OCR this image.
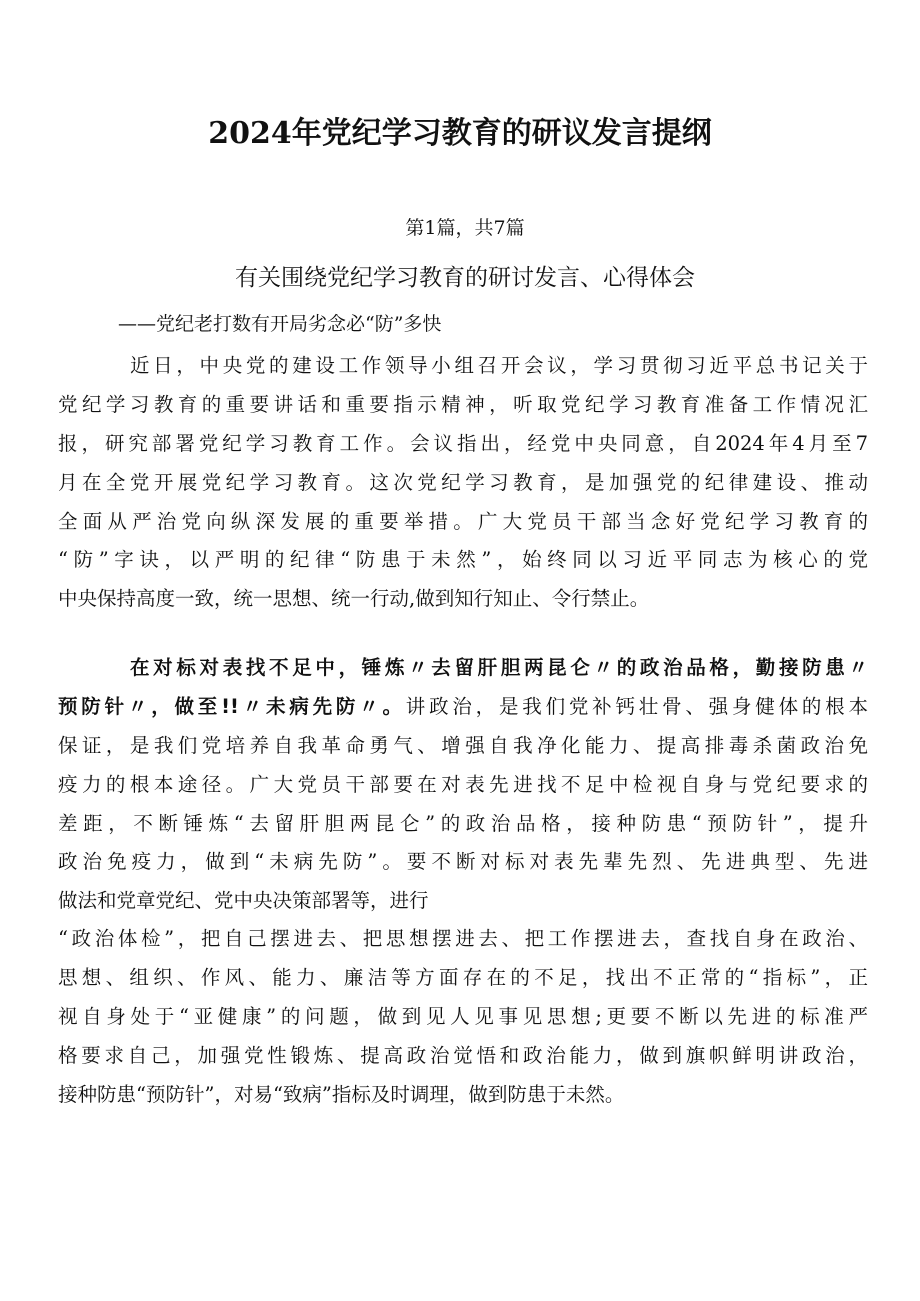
2024年党纪学习教育的研议发言提纲
第1篇，共7篇
有关围绕党纪学习教育的研讨发言、心得体会
——党纪老打数有开局劣念必“防”多快
近日，中央党的建设工作领导小组召开会议，学习贯彻习近平总书记关于
党纪学习教育的重要讲话和重要指示精神，听取党纪学习教育准备工作情况汇
报，研究部署党纪学习教育工作。会议指出，经党中央同意，自2024年4月至7
月在全党开展党纪学习教育。这次党纪学习教育，是加强党的纪律建设、推动
全面从严治党向纵深发展的重要举措。广大党员干部当念好党纪学习教育的
“防”字诀，以严明的纪律“防患于未然”，始终同以习近平同志为核心的党
中央保持高度一致，统一思想、统一行动,做到知行知止、令行禁止。
在对标对表找不足中，锤炼〃去留肝胆两昆仑〃的政治品格，勤接防患〃
预防针〃，做至!!〃未病先防〃。讲政治，是我们党补钙壮骨、强身健体的根本
保证，是我们党培养自我革命勇气、增强自我净化能力、提高排毒杀菌政治免
疫力的根本途径。广大党员干部要在对表先进找不足中检视自身与党纪要求的
差距，不断锤炼“去留肝胆两昆仑”的政治品格，接种防患“预防针”，提升
政治免疫力，做到“未病先防”。要不断对标对表先辈先烈、先进典型、先进
做法和党章党纪、党中央决策部署等，进行
“政治体检”，把自己摆进去、把思想摆进去、把工作摆进去，查找自身在政治、
思想、组织、作风、能力、廉洁等方面存在的不足，找出不正常的“指标”，正
视自身处于“亚健康”的问题，做到见人见事见思想;更要不断以先进的标准严
格要求自己，加强党性锻炼、提高政治觉悟和政治能力，做到旗帜鲜明讲政治，
接种防患“预防针”，对易“致病”指标及时调理，做到防患于未然。
